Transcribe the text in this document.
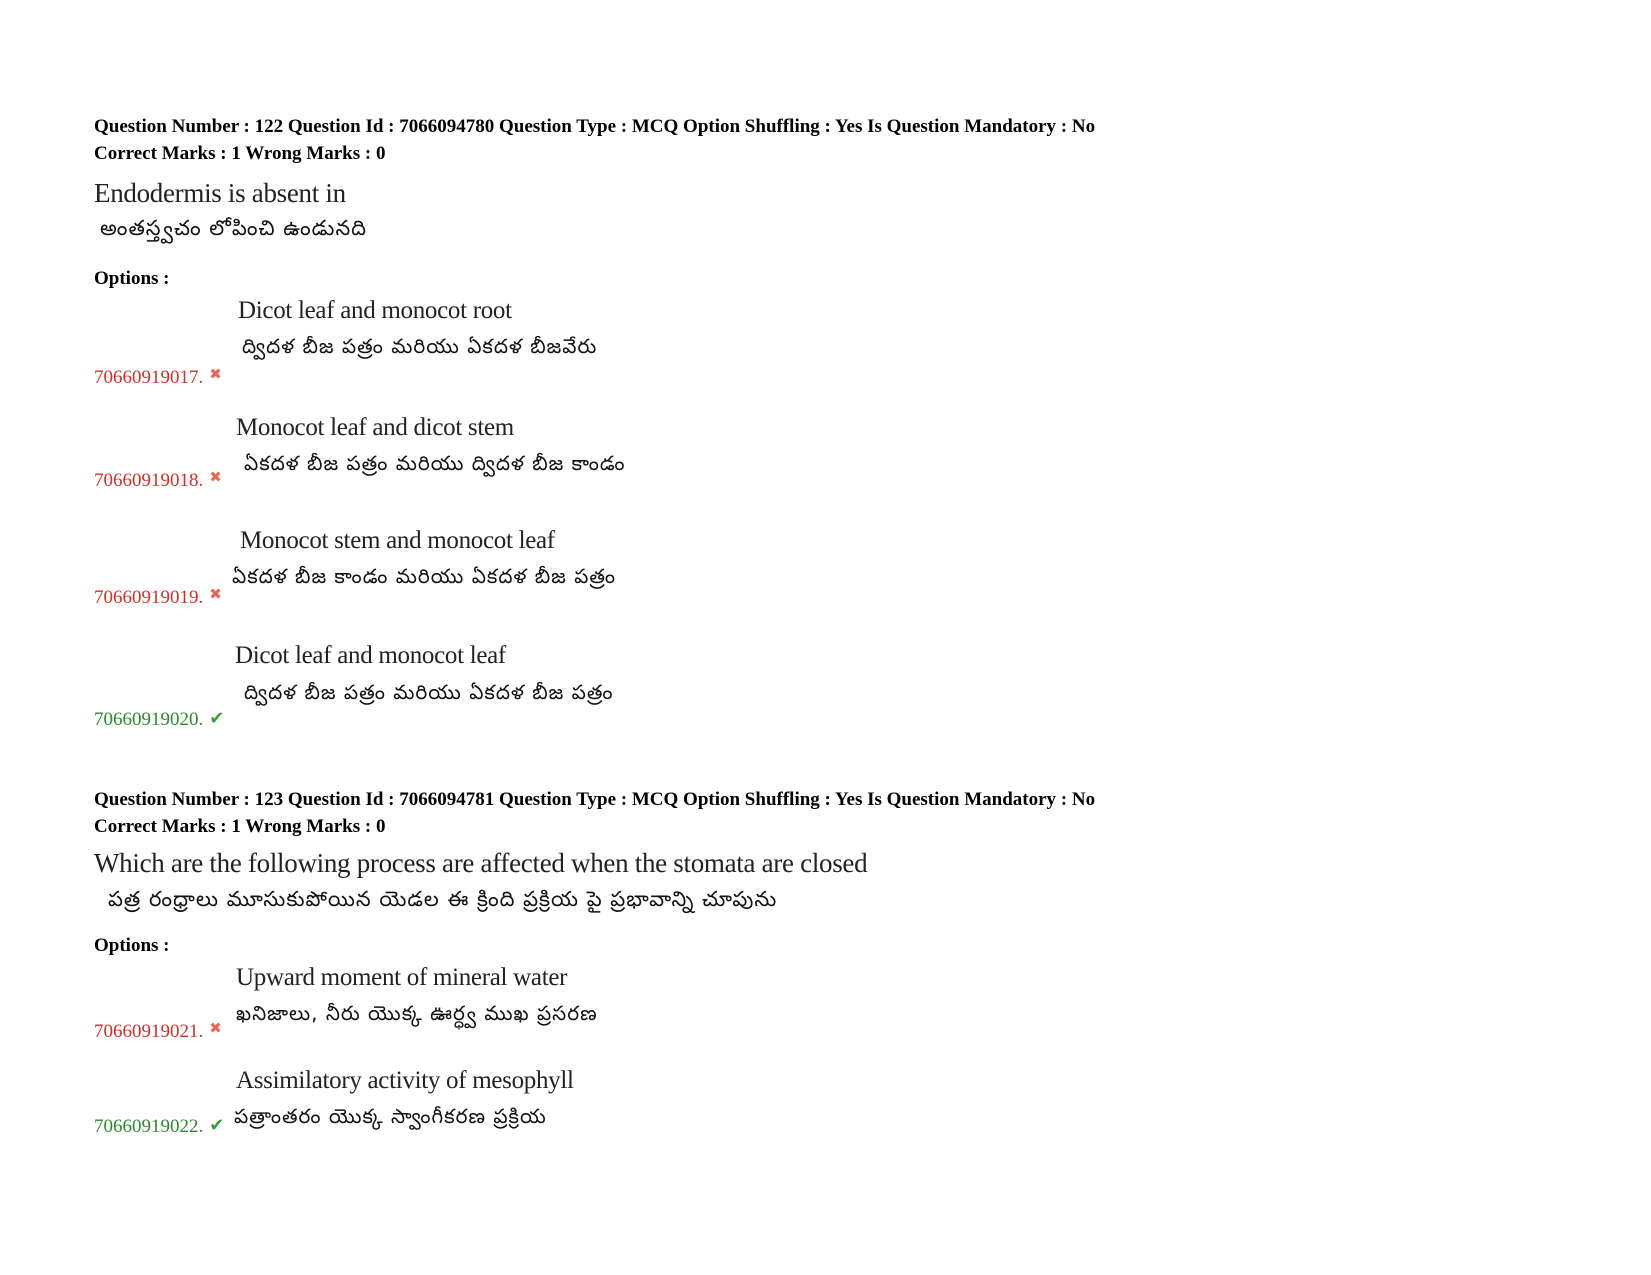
Question Number : 122 Question Id : 7066094780 Question Type : MCQ Option Shuffling : Yes Is Question Mandatory : No
Correct Marks : 1 Wrong Marks : 0
Endodermis is absent in
అంతస్త్వచం లోపించి ఉండునది
Options :
Dicot leaf and monocot root
ద్విదళ బీజ పత్రం మరియు ఏకదళ బీజవేరు
70660919017. ✖
Monocot leaf and dicot stem
ఏకదళ బీజ పత్రం మరియు ద్విదళ బీజ కాండం
70660919018. ✖
Monocot stem and monocot leaf
ఏకదళ బీజ కాండం మరియు ఏకదళ బీజ పత్రం
70660919019. ✖
Dicot leaf and monocot leaf
ద్విదళ బీజ పత్రం మరియు ఏకదళ బీజ పత్రం
70660919020. ✔
Question Number : 123 Question Id : 7066094781 Question Type : MCQ Option Shuffling : Yes Is Question Mandatory : No
Correct Marks : 1 Wrong Marks : 0
Which are the following process are affected when the stomata are closed
పత్ర రంధ్రాలు మూసుకుపోయిన యెడల ఈ క్రింది ప్రక్రియ పై ప్రభావాన్ని చూపును
Options :
Upward moment of mineral water
ఖనిజాలు, నీరు యొక్క ఊర్ధ్వ ముఖ ప్రసరణ
70660919021. ✖
Assimilatory activity of mesophyll
పత్రాంతరం యొక్క స్వాంగీకరణ ప్రక్రియ
70660919022. ✔
